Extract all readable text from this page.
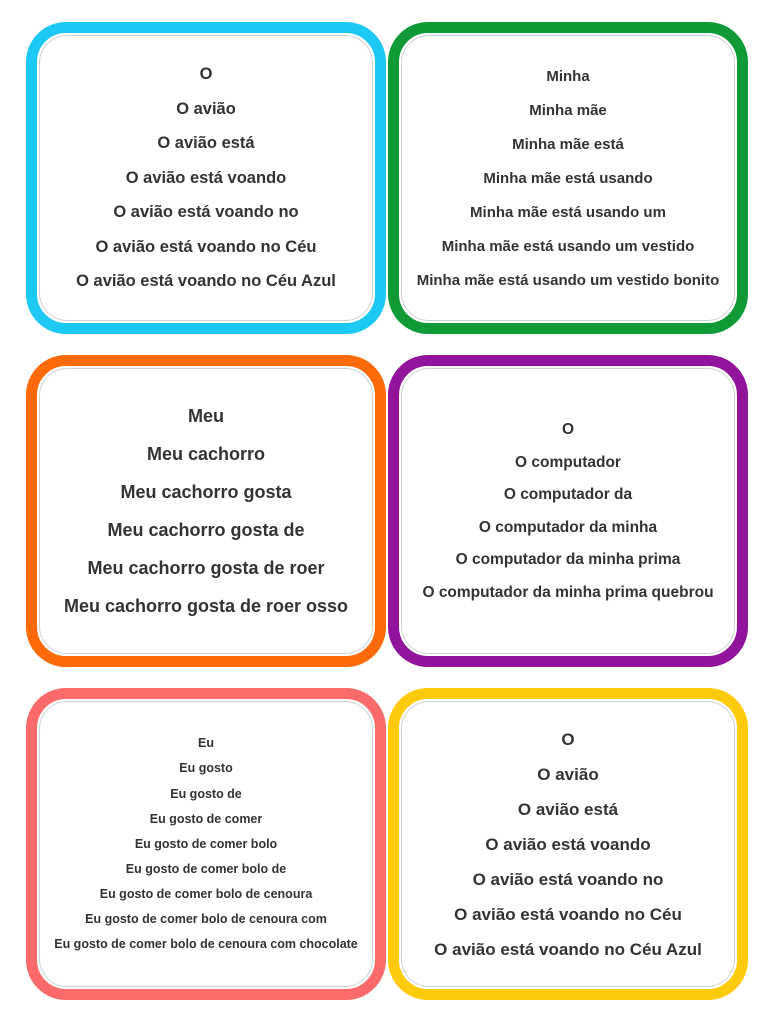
O
O avião
O avião está
O avião está voando
O avião está voando no
O avião está voando no Céu
O avião está voando no Céu Azul
Minha
Minha mãe
Minha mãe está
Minha mãe está usando
Minha mãe está usando um
Minha mãe está usando um vestido
Minha mãe está usando um vestido bonito
Meu
Meu cachorro
Meu cachorro gosta
Meu cachorro gosta de
Meu cachorro gosta de roer
Meu cachorro gosta de roer osso
O
O computador
O computador da
O computador da minha
O computador da minha prima
O computador da minha prima quebrou
Eu
Eu gosto
Eu gosto de
Eu gosto de comer
Eu gosto de comer bolo
Eu gosto de comer bolo de
Eu gosto de comer bolo de cenoura
Eu gosto de comer bolo de cenoura com
Eu gosto de comer bolo de cenoura com chocolate
O
O avião
O avião está
O avião está voando
O avião está voando no
O avião está voando no Céu
O avião está voando no Céu Azul
